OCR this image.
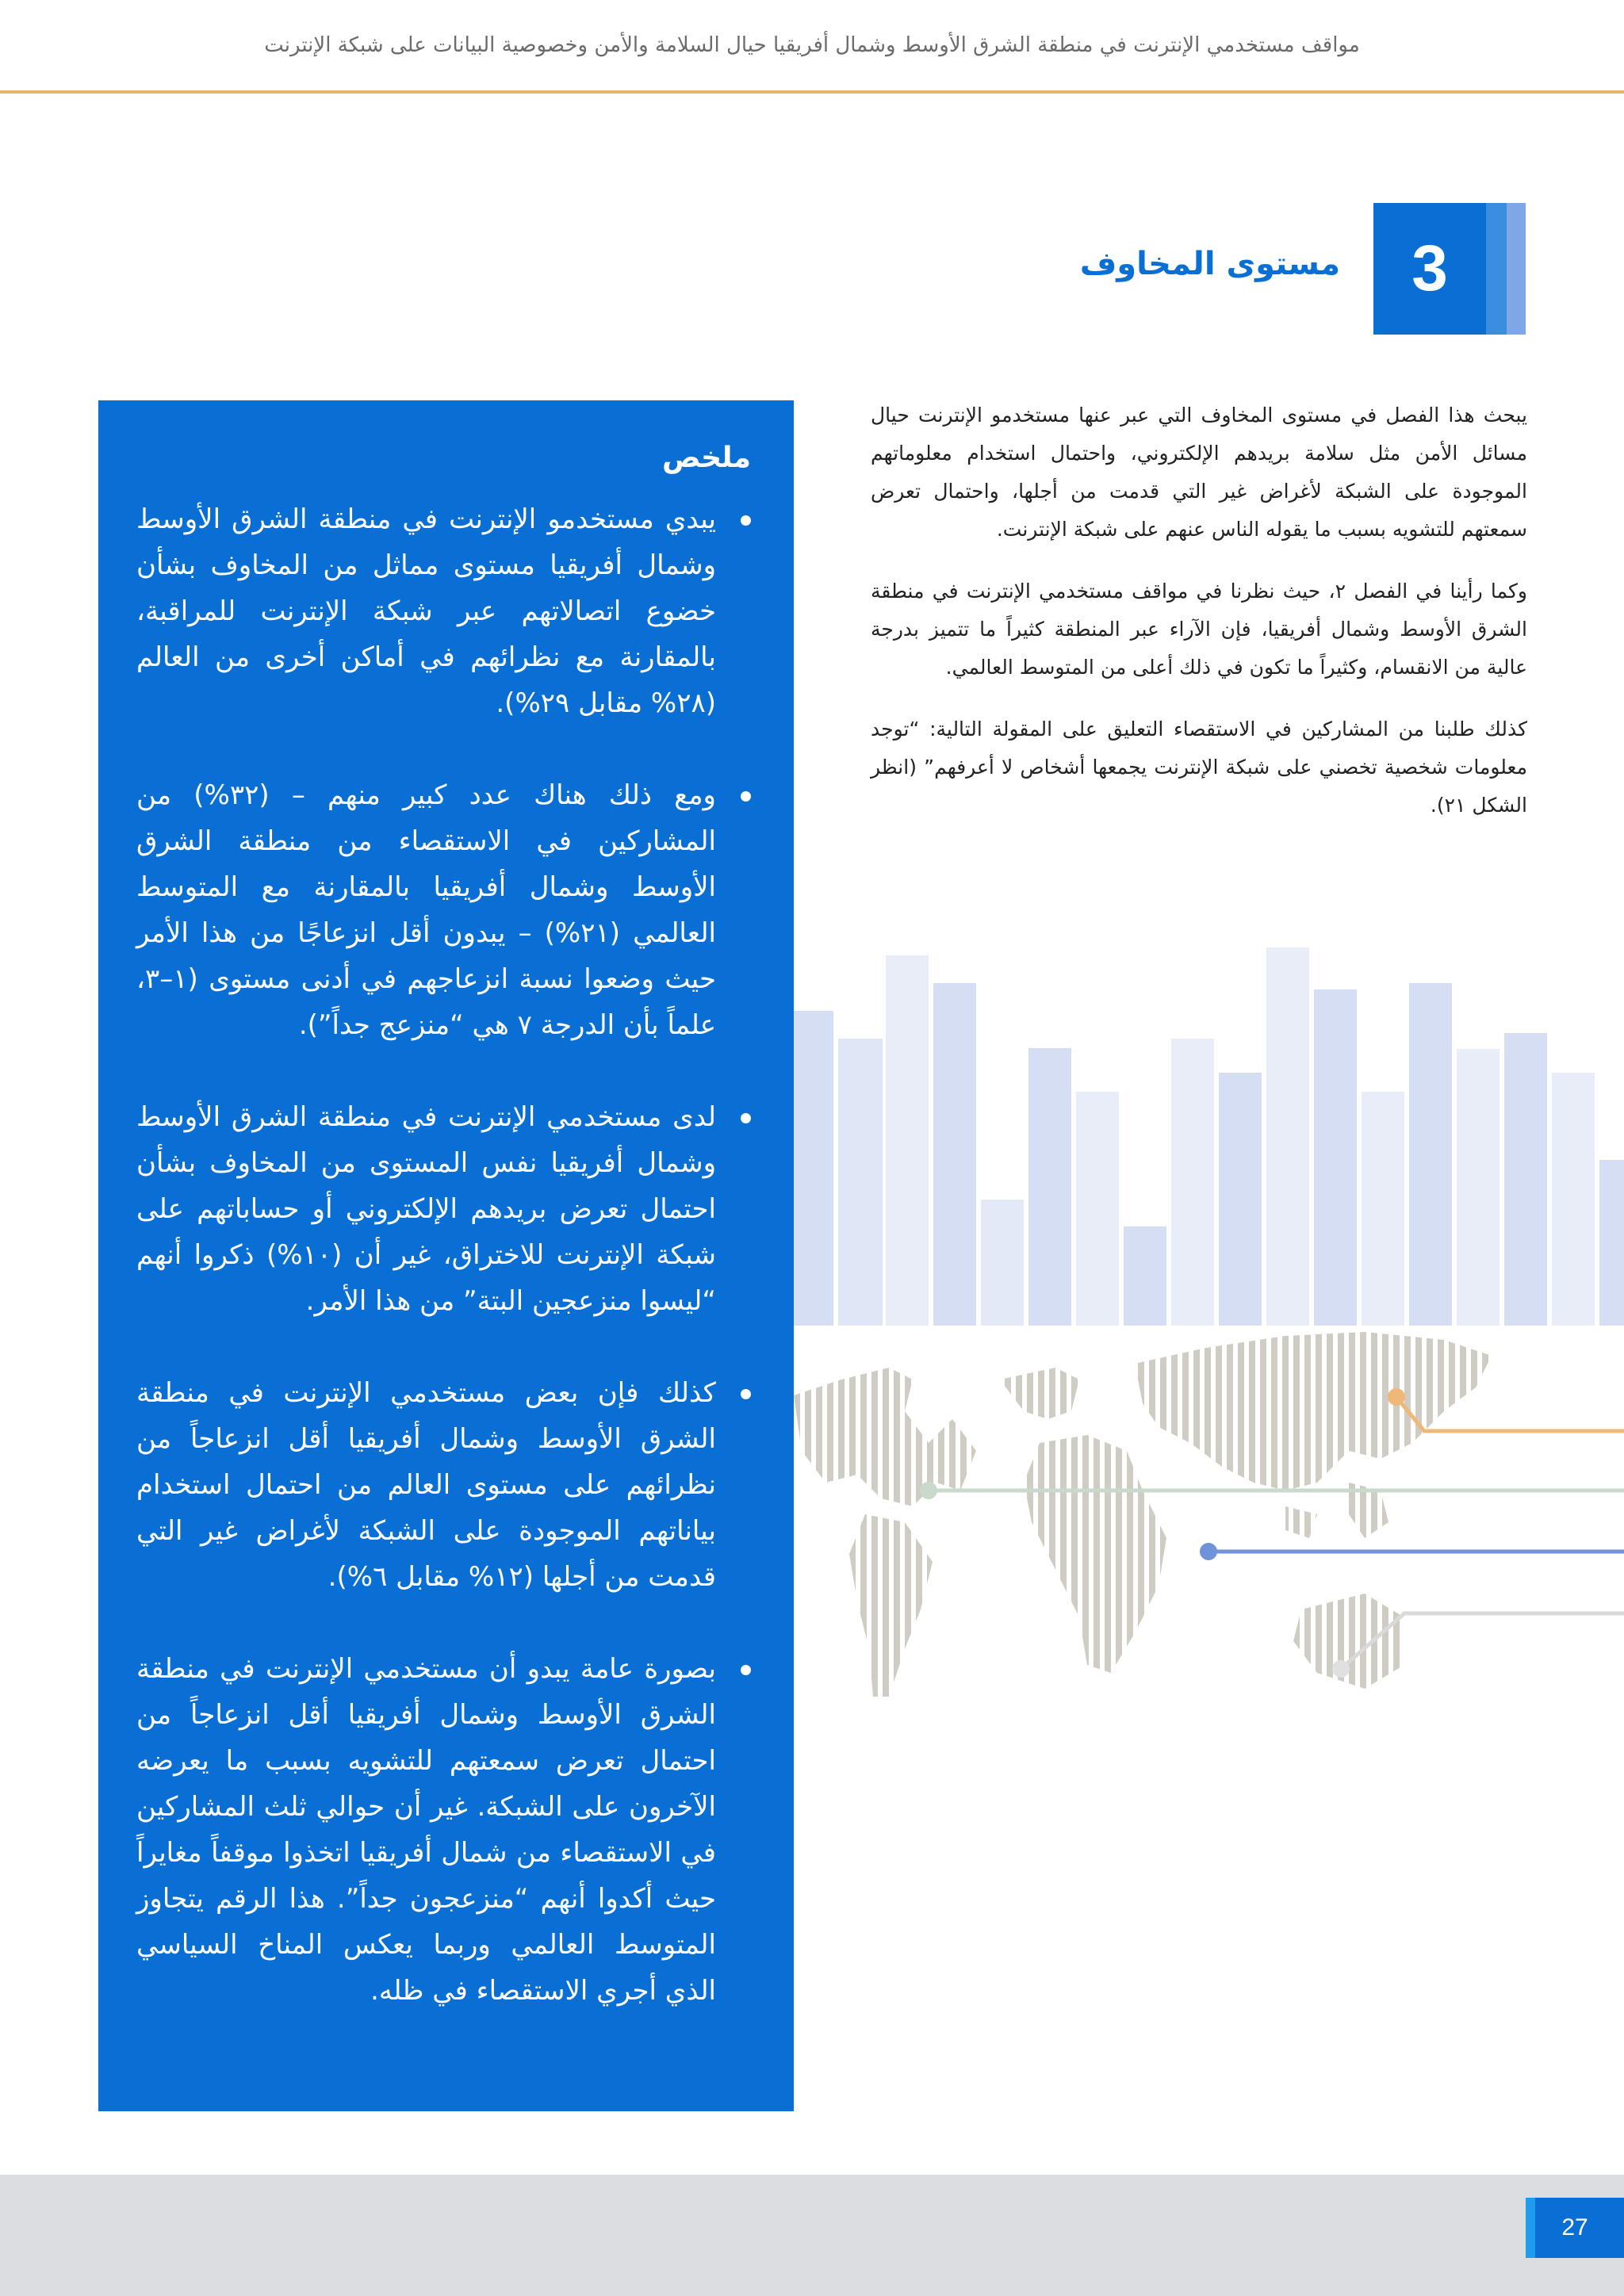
مواقف مستخدمي الإنترنت في منطقة الشرق الأوسط وشمال أفريقيا حيال السلامة والأمن وخصوصية البيانات على شبكة الإنترنت
3
مستوى المخاوف

يبحث هذا الفصل في مستوى المخاوف التي عبر عنها مستخدمو الإنترنت حيال مسائل الأمن مثل سلامة بريدهم الإلكتروني، واحتمال استخدام معلوماتهم الموجودة على الشبكة لأغراض غير التي قدمت من أجلها، واحتمال تعرض سمعتهم للتشويه بسبب ما يقوله الناس عنهم على شبكة الإنترنت.

وكما رأينا في الفصل ٢، حيث نظرنا في مواقف مستخدمي الإنترنت في منطقة الشرق الأوسط وشمال أفريقيا، فإن الآراء عبر المنطقة كثيراً ما تتميز بدرجة عالية من الانقسام، وكثيراً ما تكون في ذلك أعلى من المتوسط العالمي.

كذلك طلبنا من المشاركين في الاستقصاء التعليق على المقولة التالية: “توجد معلومات شخصية تخصني على شبكة الإنترنت يجمعها أشخاص لا أعرفهم” (انظر الشكل ٢١).

ملخص
يبدي مستخدمو الإنترنت في منطقة الشرق الأوسط وشمال أفريقيا مستوى مماثل من المخاوف بشأن خضوع اتصالاتهم عبر شبكة الإنترنت للمراقبة، بالمقارنة مع نظرائهم في أماكن أخرى من العالم (٢٨% مقابل ٢٩%).
ومع ذلك هناك عدد كبير منهم – (٣٢%) من المشاركين في الاستقصاء من منطقة الشرق الأوسط وشمال أفريقيا بالمقارنة مع المتوسط العالمي (٢١%) – يبدون أقل انزعاجًا من هذا الأمر حيث وضعوا نسبة انزعاجهم في أدنى مستوى (١–٣، علماً بأن الدرجة ٧ هي “منزعج جداً”).
لدى مستخدمي الإنترنت في منطقة الشرق الأوسط وشمال أفريقيا نفس المستوى من المخاوف بشأن احتمال تعرض بريدهم الإلكتروني أو حساباتهم على شبكة الإنترنت للاختراق، غير أن (١٠%) ذكروا أنهم “ليسوا منزعجين البتة” من هذا الأمر.
كذلك فإن بعض مستخدمي الإنترنت في منطقة الشرق الأوسط وشمال أفريقيا أقل انزعاجاً من نظرائهم على مستوى العالم من احتمال استخدام بياناتهم الموجودة على الشبكة لأغراض غير التي قدمت من أجلها (١٢% مقابل ٦%).
بصورة عامة يبدو أن مستخدمي الإنترنت في منطقة الشرق الأوسط وشمال أفريقيا أقل انزعاجاً من احتمال تعرض سمعتهم للتشويه بسبب ما يعرضه الآخرون على الشبكة. غير أن حوالي ثلث المشاركين في الاستقصاء من شمال أفريقيا اتخذوا موقفاً مغايراً حيث أكدوا أنهم “منزعجون جداً”. هذا الرقم يتجاوز المتوسط العالمي وربما يعكس المناخ السياسي الذي أجري الاستقصاء في ظله.
27
